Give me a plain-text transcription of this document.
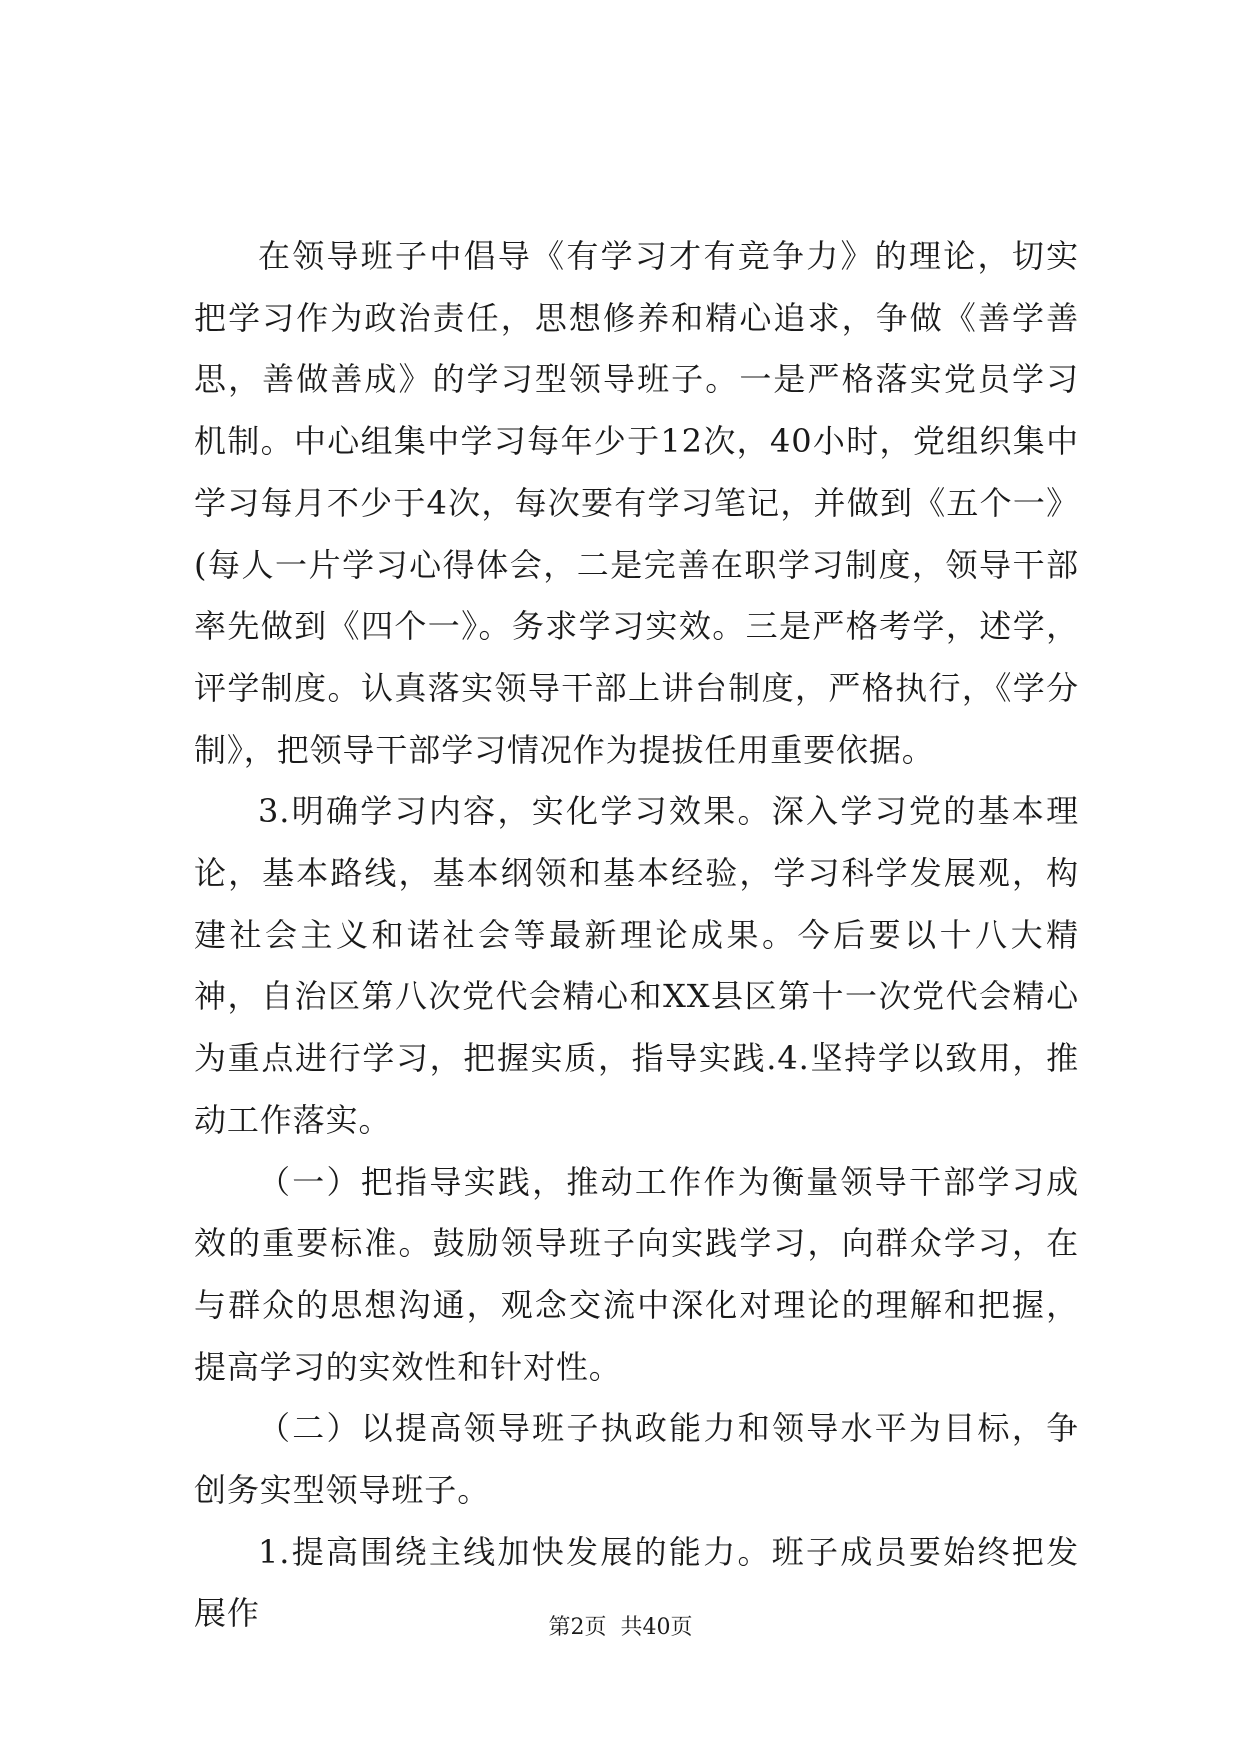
在领导班子中倡导《有学习才有竞争力》的理论，切实把学习作为政治责任，思想修养和精心追求，争做《善学善思，善做善成》的学习型领导班子。一是严格落实党员学习机制。中心组集中学习每年少于12次，40小时，党组织集中学习每月不少于4次，每次要有学习笔记，并做到《五个一》(每人一片学习心得体会，二是完善在职学习制度，领导干部率先做到《四个一》。务求学习实效。三是严格考学，述学，评学制度。认真落实领导干部上讲台制度，严格执行，《学分制》，把领导干部学习情况作为提拔任用重要依据。

3.明确学习内容，实化学习效果。深入学习党的基本理论，基本路线，基本纲领和基本经验，学习科学发展观，构建社会主义和诺社会等最新理论成果。今后要以十八大精神，自治区第八次党代会精心和XX县区第十一次党代会精心为重点进行学习，把握实质，指导实践.4.坚持学以致用，推动工作落实。

（一）把指导实践，推动工作作为衡量领导干部学习成效的重要标准。鼓励领导班子向实践学习，向群众学习，在与群众的思想沟通，观念交流中深化对理论的理解和把握，提高学习的实效性和针对性。

（二）以提高领导班子执政能力和领导水平为目标，争创务实型领导班子。

1.提高围绕主线加快发展的能力。班子成员要始终把发展作	第2页 共40页
